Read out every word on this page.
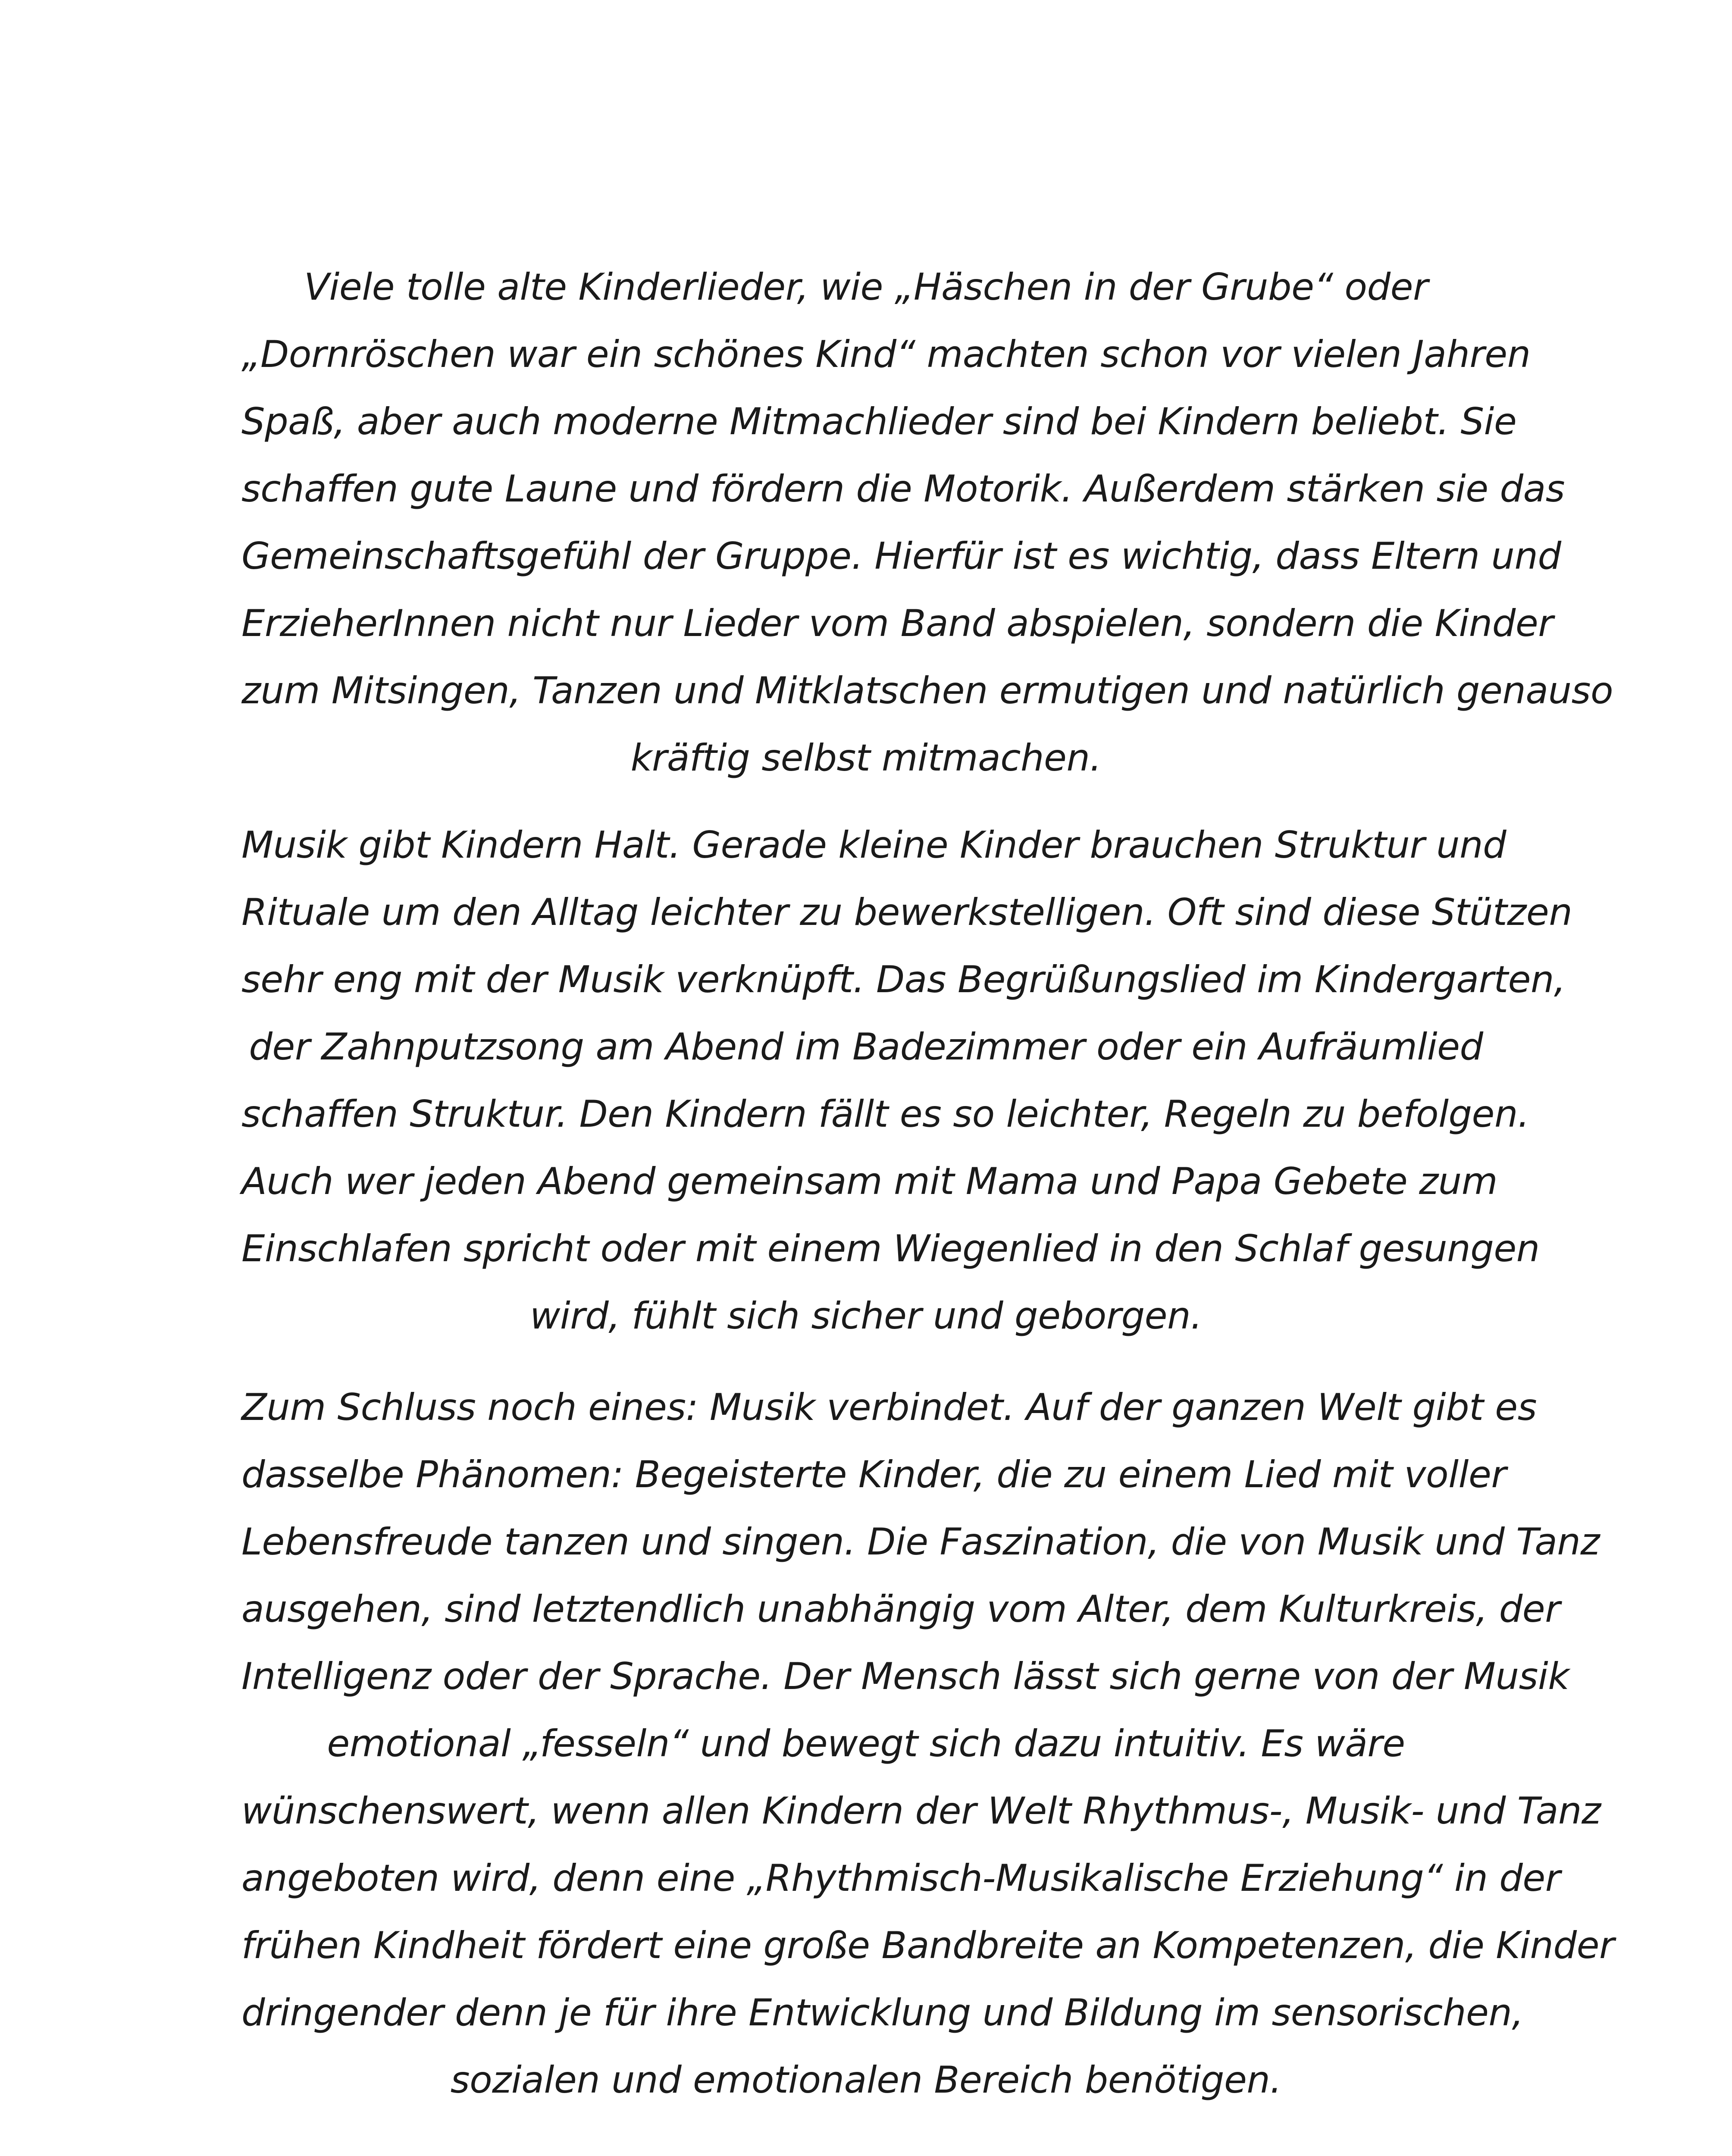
Viele tolle alte Kinderlieder, wie „Häschen in der Grube“ oder
„Dornröschen war ein schönes Kind“ machten schon vor vielen Jahren
Spaß, aber auch moderne Mitmachlieder sind bei Kindern beliebt. Sie
schaffen gute Laune und fördern die Motorik. Außerdem stärken sie das
Gemeinschaftsgefühl der Gruppe. Hierfür ist es wichtig, dass Eltern und
ErzieherInnen nicht nur Lieder vom Band abspielen, sondern die Kinder
zum Mitsingen, Tanzen und Mitklatschen ermutigen und natürlich genauso
kräftig selbst mitmachen.
Musik gibt Kindern Halt. Gerade kleine Kinder brauchen Struktur und
Rituale um den Alltag leichter zu bewerkstelligen. Oft sind diese Stützen
sehr eng mit der Musik verknüpft. Das Begrüßungslied im Kindergarten,
der Zahnputzsong am Abend im Badezimmer oder ein Aufräumlied
schaffen Struktur. Den Kindern fällt es so leichter, Regeln zu befolgen.
Auch wer jeden Abend gemeinsam mit Mama und Papa Gebete zum
Einschlafen spricht oder mit einem Wiegenlied in den Schlaf gesungen
wird, fühlt sich sicher und geborgen.
Zum Schluss noch eines: Musik verbindet. Auf der ganzen Welt gibt es
dasselbe Phänomen: Begeisterte Kinder, die zu einem Lied mit voller
Lebensfreude tanzen und singen. Die Faszination, die von Musik und Tanz
ausgehen, sind letztendlich unabhängig vom Alter, dem Kulturkreis, der
Intelligenz oder der Sprache. Der Mensch lässt sich gerne von der Musik
emotional „fesseln“ und bewegt sich dazu intuitiv. Es wäre
wünschenswert, wenn allen Kindern der Welt Rhythmus-, Musik- und Tanz
angeboten wird, denn eine „Rhythmisch-Musikalische Erziehung“ in der
frühen Kindheit fördert eine große Bandbreite an Kompetenzen, die Kinder
dringender denn je für ihre Entwicklung und Bildung im sensorischen,
sozialen und emotionalen Bereich benötigen.
